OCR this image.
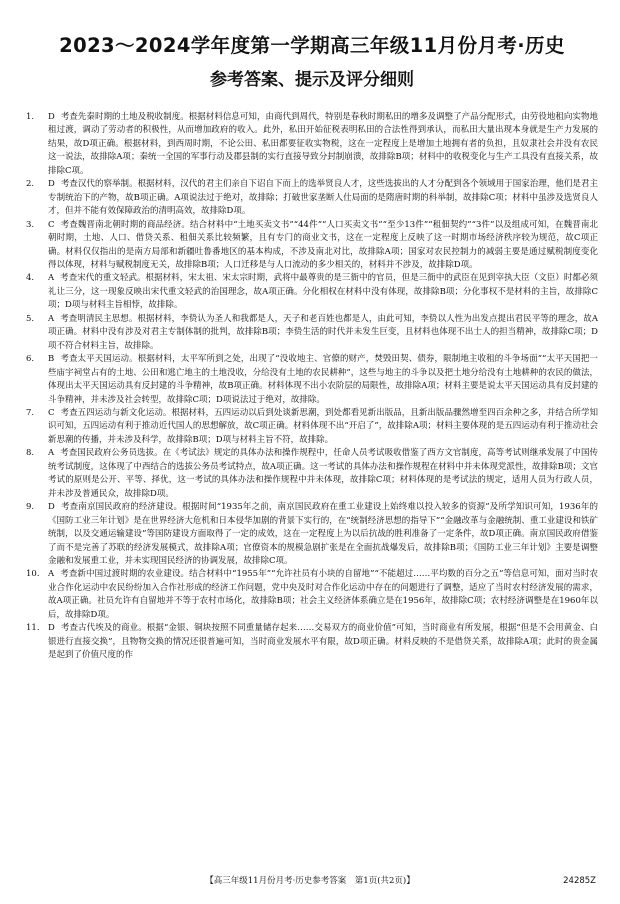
2023～2024学年度第一学期高三年级11月份月考·历史
参考答案、提示及评分细则

1. D 考查先秦时期的土地及税收制度。根据材料信息可知，由商代到周代，特别是春秋时期私田的增多及调整了产品分配形式，由劳役地租向实物地租过渡，调动了劳动者的积极性，从而增加政府的收入。此外，私田开始征税表明私田的合法性得到承认，而私田大量出现本身就是生产力发展的结果，故D项正确。根据材料，到西周时期，不论公田、私田都要征收实物税，这在一定程度上是增加土地拥有者的负担，且奴隶社会并没有农民这一说法，故排除A项；秦统一全国的军事行动及郡县制的实行直接导致分封制崩溃，故排除B项；材料中的收税变化与生产工具没有直接关系，故排除C项。

2. D 考查汉代的察举制。根据材料，汉代的君主们亲自下诏自下而上的选举贤良人才，这些选拔出的人才分配到各个领域用于国家治理，他们是君主专制统治下的产物，故B项正确。A项说法过于绝对，故排除；打破世家垄断人仕局面的是隋唐时期的科举制，故排除C项；材料中虽涉及选贤良人才，但并不能有效保障政治的清明高效，故排除D项。

3. C 考查魏晋南北朝时期的商品经济。结合材料中“土地买卖文书”“44件”“人口买卖文书”“至少13件”“租佃契约”“3件”以及组成可知，在魏晋南北朝时期，土地、人口、借贷关系、租佃关系比较频繁，且有专门的商业文书，这在一定程度上反映了这一时期市场经济秩序较为规范，故C项正确。材料仅仅指出的是南方局部和新疆吐鲁番地区的基本构成，不涉及南北对比，故排除A项；国家对农民控制力的减弱主要是通过赋税制度变化得以体现，材料与赋税制度无关，故排除B项；人口迁移是与人口流动的多少相关的，材料并不涉及，故排除D项。

4. A 考查宋代的重文轻武。根据材料，宋太祖、宋太宗时期，武将中最尊贵的是三衙中的官员，但是三衙中的武臣在见到宰执大臣（文臣）时都必须礼让三分，这一现象反映出宋代重文轻武的治国理念，故A项正确。分化相权在材料中没有体现，故排除B项；分化事权不是材料的主旨，故排除C项；D项与材料主旨相悖，故排除。

5. A 考查明清民主思想。根据材料，李贽认为圣人和我都是人，天子和老百姓也都是人，由此可知，李贽以人性为出发点提出君民平等的理念，故A项正确。材料中没有涉及对君主专制体制的批判，故排除B项；李贽生活的时代并未发生巨变，且材料也体现不出士人的担当精神，故排除C项；D项不符合材料主旨，故排除。

6. B 考查太平天国运动。根据材料，太平军所到之处，出现了“没收地主、官僚的财产，焚毁田契、债券，限制地主收租的斗争场面”“太平天国把一些庙宇祠堂占有的土地、公田和逃亡地主的土地没收，分给没有土地的农民耕种”，这些与地主的斗争以及把土地分给没有土地耕种的农民的做法，体现出太平天国运动具有反封建的斗争精神，故B项正确。材料体现不出小农阶层的局限性，故排除A项；材料主要是说太平天国运动具有反封建的斗争精神，并未涉及社会转型，故排除C项；D项说法过于绝对，故排除。

7. C 考查五四运动与新文化运动。根据材料，五四运动以后到处谈新思潮，到处都看见新出版品，且新出版品骤然增至四百余种之多，并结合所学知识可知，五四运动有利于推动近代国人的思想解放，故C项正确。材料体现不出“开启了”，故排除A项；材料主要体现的是五四运动有利于推动社会新思潮的传播，并未涉及科学，故排除B项；D项与材料主旨不符，故排除。

8. A 考查国民政府公务员选拔。在《考试法》规定的具体办法和操作规程中，任命人员考试吸收借鉴了西方文官制度，高等考试则继承发展了中国传统考试制度，这体现了中西结合的选拔公务员考试特点，故A项正确。这一考试的具体办法和操作规程在材料中并未体现党派性，故排除B项；文官考试的原则是公开、平等、择优，这一考试的具体办法和操作规程中并未体现，故排除C项；材料体现的是考试法的规定，适用人员为行政人员，并未涉及普通民众，故排除D项。

9. D 考查南京国民政府的经济建设。根据时间“1935年之前，南京国民政府在重工业建设上始终难以投入较多的资源”及所学知识可知，1936年的《国防工业三年计划》是在世界经济大危机和日本侵华加剧的背景下实行的，在“统制经济思想的指导下”“金融改革与金融统制、重工业建设和铁矿统制，以及交通运输建设”等国防建设方面取得了一定的成效，这在一定程度上为以后抗战的胜利准备了一定条件，故D项正确。南京国民政府借鉴了而不是完善了苏联的经济发展模式，故排除A项；官僚资本的规模急剧扩张是在全面抗战爆发后，故排除B项；《国防工业三年计划》主要是调整金融和发展重工业，并未实现国民经济的协调发展，故排除C项。

10. A 考查新中国过渡时期的农业建设。结合材料中“1955年”“允许社员有小块的自留地”“不能超过……平均数的百分之五”等信息可知，面对当时农业合作化运动中农民纷纷加入合作社形成的经济工作问题，党中央及时对合作化运动中存在的问题进行了调整，适应了当时农村经济发展的需求，故A项正确。社员允许有自留地并不等于农村市场化，故排除B项；社会主义经济体系确立是在1956年，故排除C项；农村经济调整是在1960年以后，故排除D项。

11. D 考查古代埃及的商业。根据“金银、铜块按照不同重量储存起来……交易双方的商业价值”可知，当时商业有所发展，根据“但是不会用黄金、白银进行直接交换”，且物物交换的情况还很普遍可知，当时商业发展水平有限，故D项正确。材料反映的不是借贷关系，故排除A项；此时的贵金属是起到了价值尺度的作

【高三年级11月份月考·历史参考答案　第1页(共2页)】	24285Z
